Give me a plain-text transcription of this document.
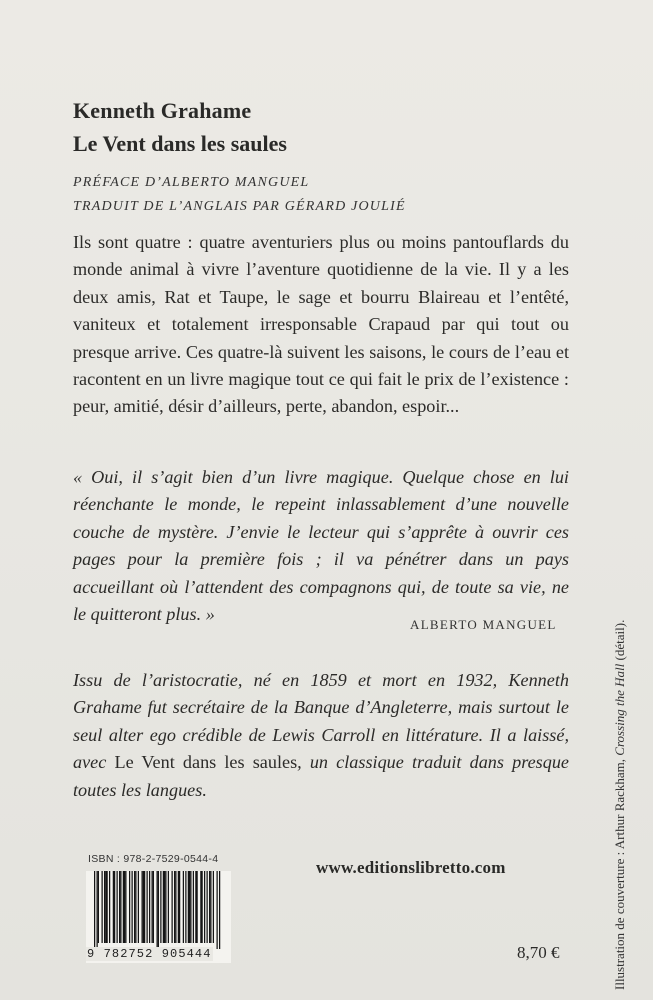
Kenneth Grahame
Le Vent dans les saules
PRÉFACE D’ALBERTO MANGUEL
TRADUIT DE L’ANGLAIS PAR GÉRARD JOULIÉ

Ils sont quatre : quatre aventuriers plus ou moins pantouflards du monde animal à vivre l’aventure quotidienne de la vie. Il y a les deux amis, Rat et Taupe, le sage et bourru Blaireau et l’entêté, vaniteux et totalement irresponsable Crapaud par qui tout ou presque arrive. Ces quatre-là suivent les saisons, le cours de l’eau et racontent en un livre magique tout ce qui fait le prix de l’existence : peur, amitié, désir d’ailleurs, perte, abandon, espoir...

« Oui, il s’agit bien d’un livre magique. Quelque chose en lui réenchante le monde, le repeint inlassablement d’une nouvelle couche de mystère. J’envie le lecteur qui s’apprête à ouvrir ces pages pour la première fois ; il va pénétrer dans un pays accueillant où l’attendent des compagnons qui, de toute sa vie, ne le quitteront plus. »

ALBERTO MANGUEL

Issu de l’aristocratie, né en 1859 et mort en 1932, Kenneth Grahame fut secrétaire de la Banque d’Angleterre, mais surtout le seul alter ego crédible de Lewis Carroll en littérature. Il a laissé, avec Le Vent dans les saules, un classique traduit dans presque toutes les langues.

ISBN : 978-2-7529-0544-4
9 782752 905444
www.editionslibretto.com
8,70 €	Illustration de couverture : Arthur Rackham, Crossing the Hall (détail).
